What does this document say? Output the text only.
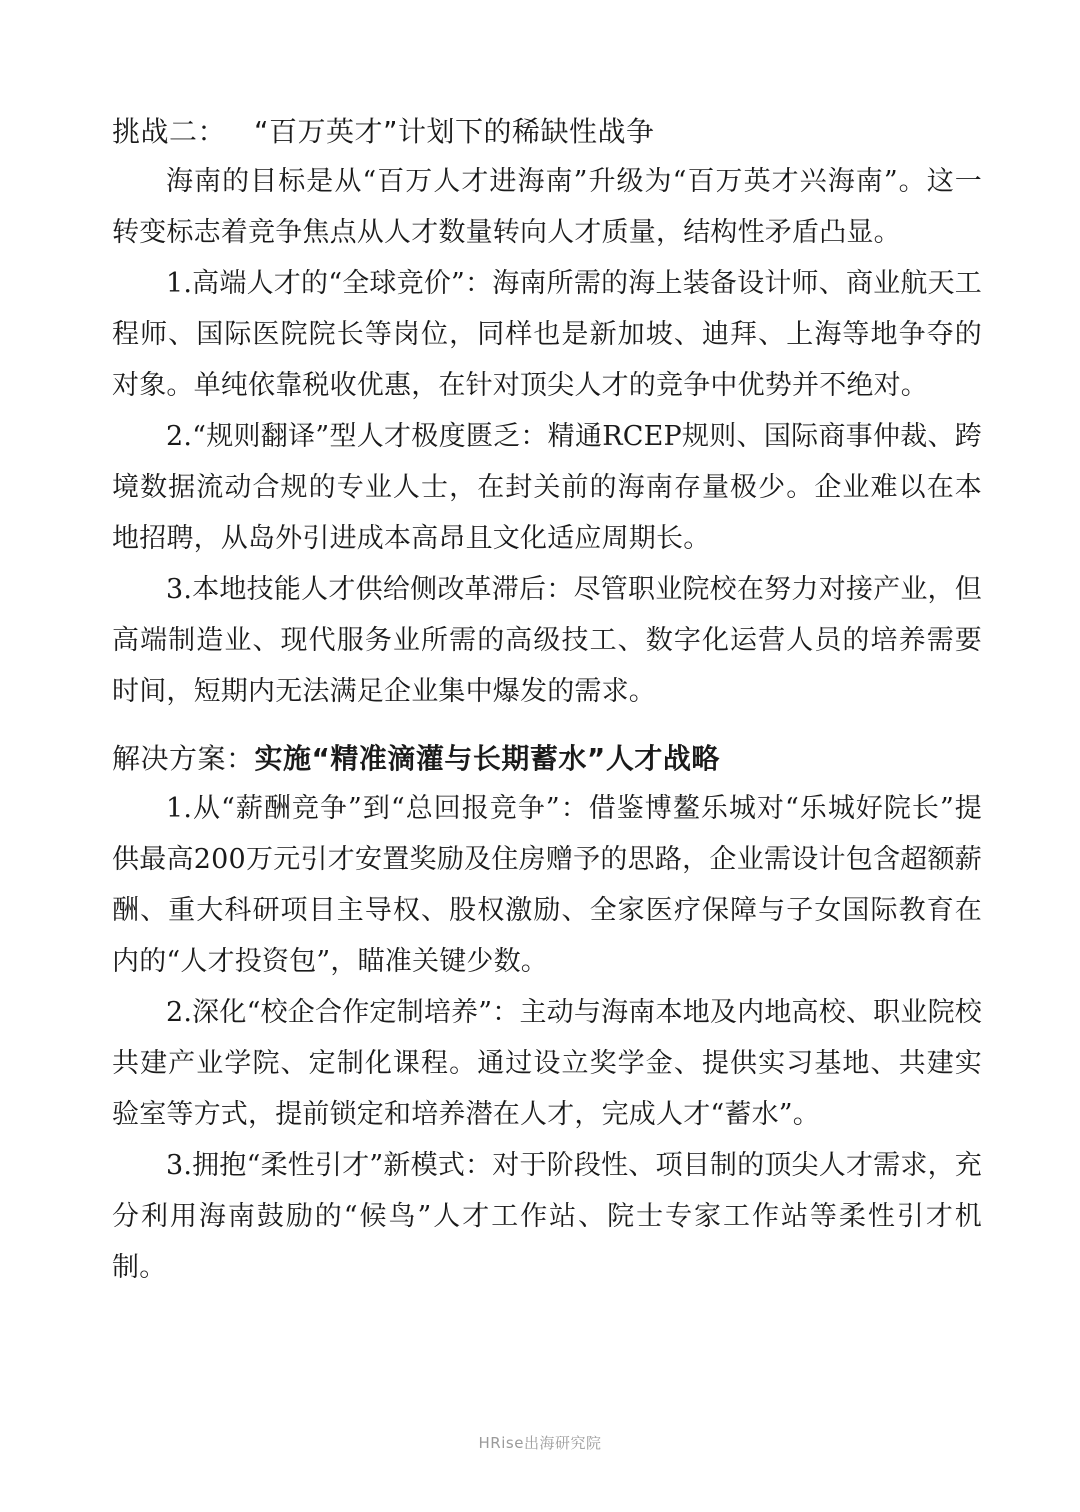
挑战二： “百万英才”计划下的稀缺性战争

海南的目标是从“百万人才进海南”升级为“百万英才兴海南”。这一转变标志着竞争焦点从人才数量转向人才质量，结构性矛盾凸显。

1.高端人才的“全球竞价”：海南所需的海上装备设计师、商业航天工程师、国际医院院长等岗位，同样也是新加坡、迪拜、上海等地争夺的对象。单纯依靠税收优惠，在针对顶尖人才的竞争中优势并不绝对。

2.“规则翻译”型人才极度匮乏：精通RCEP规则、国际商事仲裁、跨境数据流动合规的专业人士，在封关前的海南存量极少。企业难以在本地招聘，从岛外引进成本高昂且文化适应周期长。

3.本地技能人才供给侧改革滞后：尽管职业院校在努力对接产业，但高端制造业、现代服务业所需的高级技工、数字化运营人员的培养需要时间，短期内无法满足企业集中爆发的需求。

解决方案：实施“精准滴灌与长期蓄水”人才战略

1.从“薪酬竞争”到“总回报竞争”：借鉴博鳌乐城对“乐城好院长”提供最高200万元引才安置奖励及住房赠予的思路，企业需设计包含超额薪酬、重大科研项目主导权、股权激励、全家医疗保障与子女国际教育在内的“人才投资包”，瞄准关键少数。

2.深化“校企合作定制培养”：主动与海南本地及内地高校、职业院校共建产业学院、定制化课程。通过设立奖学金、提供实习基地、共建实验室等方式，提前锁定和培养潜在人才，完成人才“蓄水”。

3.拥抱“柔性引才”新模式：对于阶段性、项目制的顶尖人才需求，充分利用海南鼓励的“候鸟”人才工作站、院士专家工作站等柔性引才机制。

HRise出海研究院
